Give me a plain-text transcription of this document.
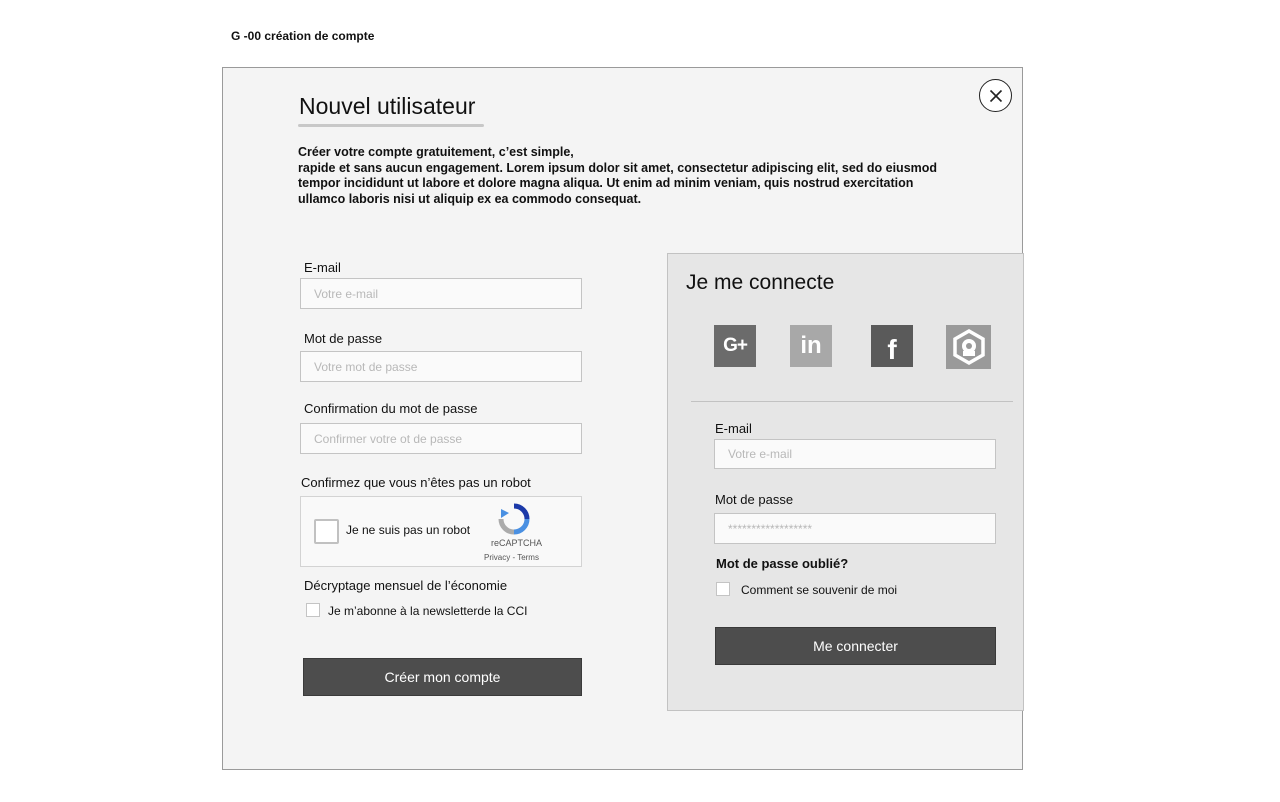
G -00 création de compte
Nouvel utilisateur

Créer votre compte gratuitement, c’est simple,

rapide et sans aucun engagement. Lorem ipsum dolor sit amet, consectetur adipiscing elit, sed do eiusmod

tempor incididunt ut labore et dolore magna aliqua. Ut enim ad minim veniam, quis nostrud exercitation

ullamco laboris nisi ut aliquip ex ea commodo consequat.

E-mail
Votre e-mail
Mot de passe
Votre mot de passe
Confirmation du mot de passe
Confirmer votre ot de passe
Confirmez que vous n’êtes pas un robot
Je ne suis pas un robot
reCAPTCHA
Privacy - Terms
Décryptage mensuel de l’économie
Je m’abonne à la newsletterde la CCI
Créer mon compte
Je me connecte
G+ in f
E-mail
Votre e-mail
Mot de passe
******************
Mot de passe oublié?
Comment se souvenir de moi
Me connecter
